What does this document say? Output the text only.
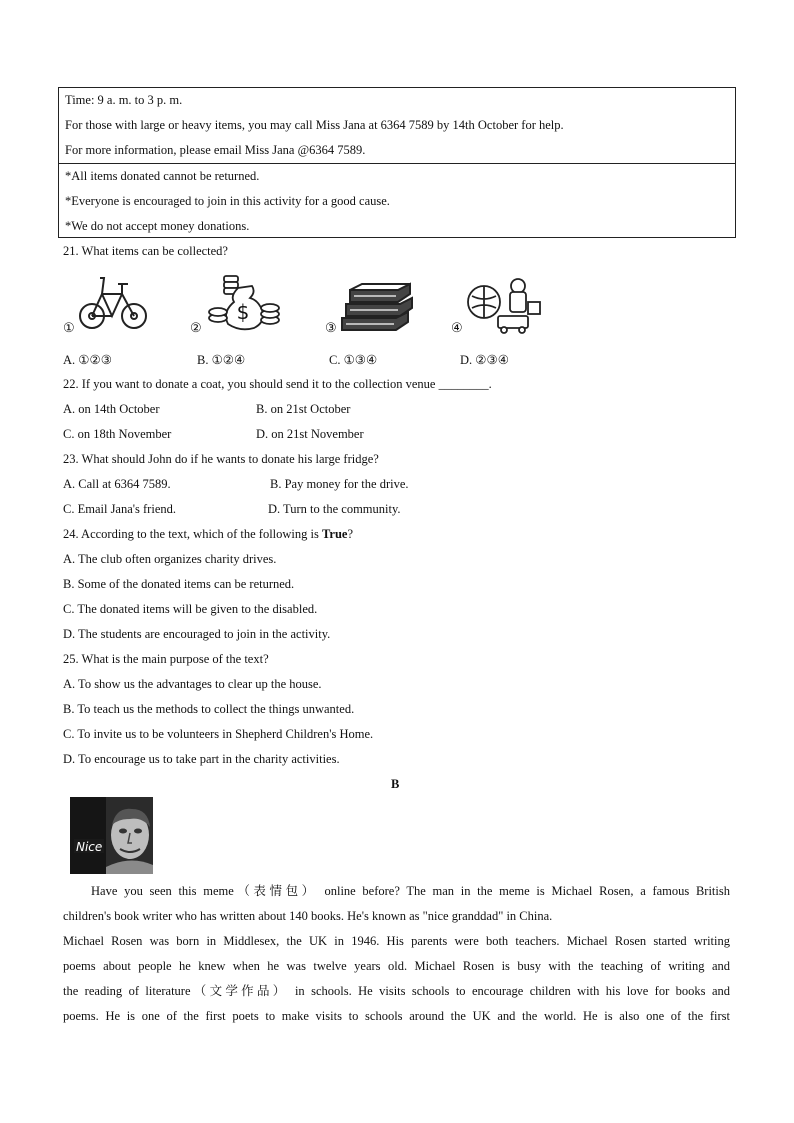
Time: 9 a. m. to 3 p. m.
For those with large or heavy items, you may call Miss Jana at 6364 7589 by 14th October for help.
For more information, please email Miss Jana @6364 7589.
*All items donated cannot be returned.
*Everyone is encouraged to join in this activity for a good cause.
*We do not accept money donations.
21. What items can be collected?
①	②
$
③	④
A. ①②③	B. ①②④	C. ①③④	D. ②③④
22. If you want to donate a coat, you should send it to the collection venue ________.
A. on 14th October	B. on 21st October
C. on 18th November	D. on 21st November
23. What should John do if he wants to donate his large fridge?
A. Call at 6364 7589.	B. Pay money for the drive.
C. Email Jana's friend.	D. Turn to the community.
24. According to the text, which of the following is True?
A. The club often organizes charity drives.
B. Some of the donated items can be returned.
C. The donated items will be given to the disabled.
D. The students are encouraged to join in the activity.
25. What is the main purpose of the text?
A. To show us the advantages to clear up the house.
B. To teach us the methods to collect the things unwanted.
C. To invite us to be volunteers in Shepherd Children's Home.
D. To encourage us to take part in the charity activities.
B
Nice
Have you seen this meme（表情包） online before? The man in the meme is Michael Rosen, a famous British
children's book writer who has written about 140 books. He's known as "nice granddad" in China.
Michael Rosen was born in Middlesex, the UK in 1946. His parents were both teachers. Michael Rosen started writing
poems about people he knew when he was twelve years old. Michael Rosen is busy with the teaching of writing and
the reading of literature（文学作品） in schools. He visits schools to encourage children with his love for books and
poems. He is one of the first poets to make visits to schools around the UK and the world. He is also one of the first
